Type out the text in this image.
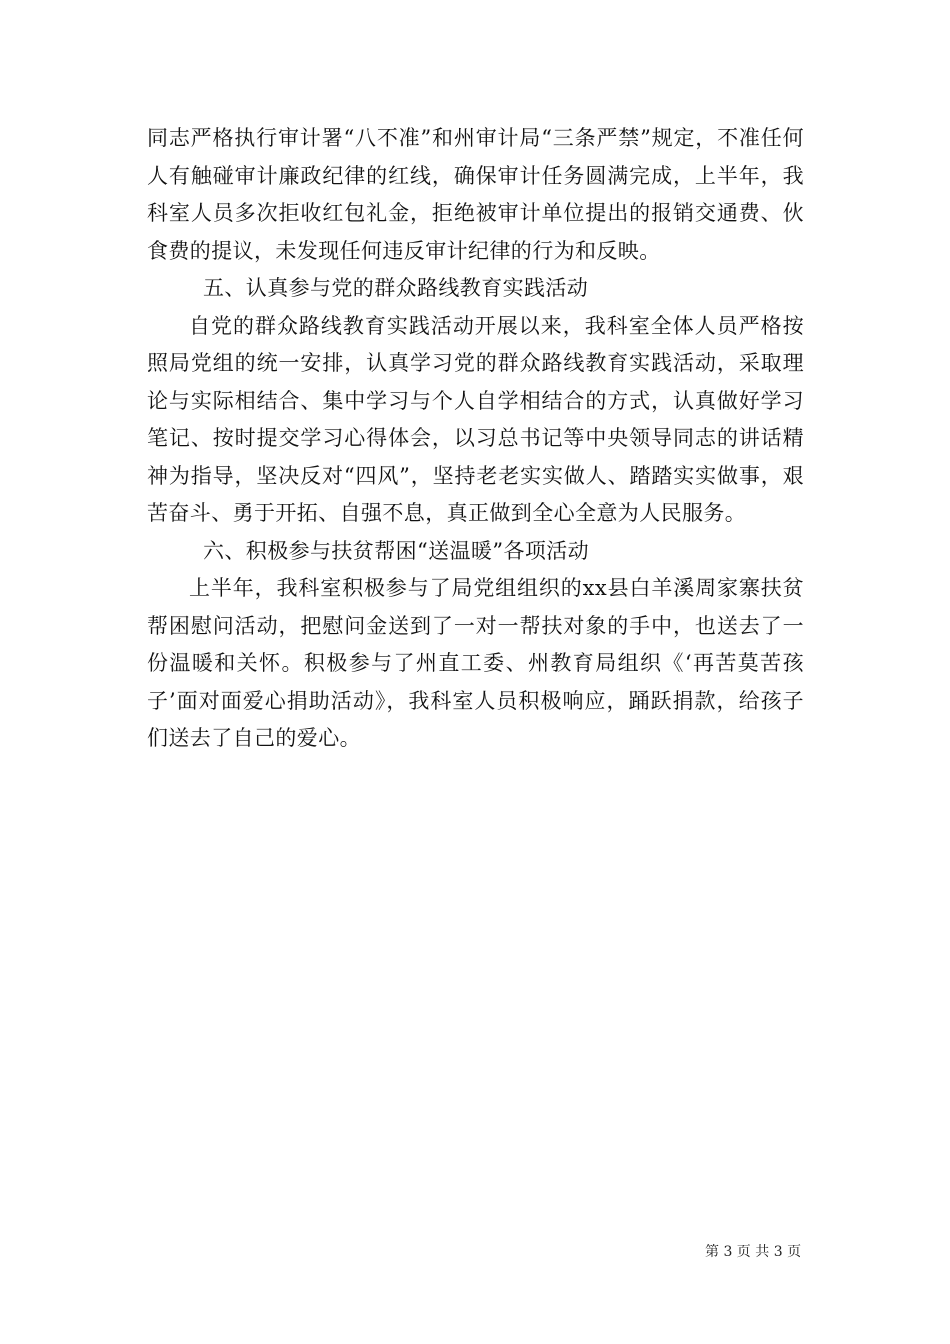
同志严格执行审计署“八不准”和州审计局“三条严禁”规定，不准任何人有触碰审计廉政纪律的红线，确保审计任务圆满完成，上半年，我科室人员多次拒收红包礼金，拒绝被审计单位提出的报销交通费、伙食费的提议，未发现任何违反审计纪律的行为和反映。

五、认真参与党的群众路线教育实践活动

自党的群众路线教育实践活动开展以来，我科室全体人员严格按照局党组的统一安排，认真学习党的群众路线教育实践活动，采取理论与实际相结合、集中学习与个人自学相结合的方式，认真做好学习笔记、按时提交学习心得体会，以习总书记等中央领导同志的讲话精神为指导，坚决反对“四风”，坚持老老实实做人、踏踏实实做事，艰苦奋斗、勇于开拓、自强不息，真正做到全心全意为人民服务。

六、积极参与扶贫帮困“送温暖”各项活动

上半年，我科室积极参与了局党组组织的xx县白羊溪周家寨扶贫帮困慰问活动，把慰问金送到了一对一帮扶对象的手中，也送去了一份温暖和关怀。积极参与了州直工委、州教育局组织《‘再苦莫苦孩子’面对面爱心捐助活动》，我科室人员积极响应，踊跃捐款，给孩子们送去了自己的爱心。

第 3 页 共 3 页
